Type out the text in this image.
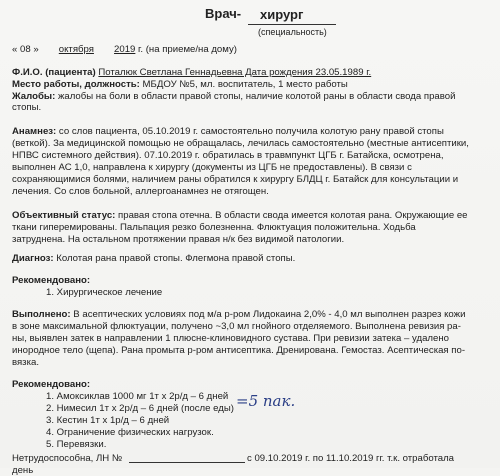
Врач- хирург
(специальность)
« 08 » октября 2019 г. (на приеме/на дому)
Ф.И.О. (пациента) Поталюк Светлана Геннадьевна Дата рождения 23.05.1989 г.
Место работы, должность: МБДОУ №5, мл. воспитатель, 1 место работы
Жалобы: жалобы на боли в области правой стопы, наличие колотой раны в области свода правой
стопы.
Анамнез: со слов пациента, 05.10.2019 г. самостоятельно получила колотую рану правой стопы
(веткой). За медицинской помощью не обращалась, лечилась самостоятельно (местные антисептики,
НПВС системного действия). 07.10.2019 г. обратилась в травмпункт ЦГБ г. Батайска, осмотрена,
выполнен АС 1,0, направлена к хирургу (документы из ЦГБ не предоставлены). В связи с
сохраняющимися болями, наличием раны обратился к хирургу БЛДЦ г. Батайск для консультации и
лечения. Со слов больной, аллергоанамнез не отягощен.
Объективный статус: правая стопа отечна. В области свода имеется колотая рана. Окружающие ее
ткани гиперемированы. Пальпация резко болезненна. Флюктуация положительна. Ходьба
затруднена. На остальном протяжении правая н/к без видимой патологии.
Диагноз: Колотая рана правой стопы. Флегмона правой стопы.
Рекомендовано:
1. Хирургическое лечение
Выполнено: В асептических условиях под м/а р-ром Лидокаина 2,0% - 4,0 мл выполнен разрез кожи
в зоне максимальной флюктуации, получено ~3,0 мл гнойного отделяемого. Выполнена ревизия ра-
ны, выявлен затек в направлении 1 плюсне-клиновидного сустава. При ревизии затека – удалено
инородное тело (щепа). Рана промыта р-ром антисептика. Дренирована. Гемостаз. Асептическая по-
вязка.
Рекомендовано:
1. Амоксиклав 1000 мг 1т х 2р/д – 6 дней
2. Нимесил 1т х 2р/д – 6 дней (после еды) =5 пак.
3. Кестин 1т х 1р/д – 6 дней
4. Ограничение физических нагрузок.
5. Перевязки.
Нетрудоспособна, ЛН №	с 09.10.2019 г. по 11.10.2019 гг. т.к. отработала
день
